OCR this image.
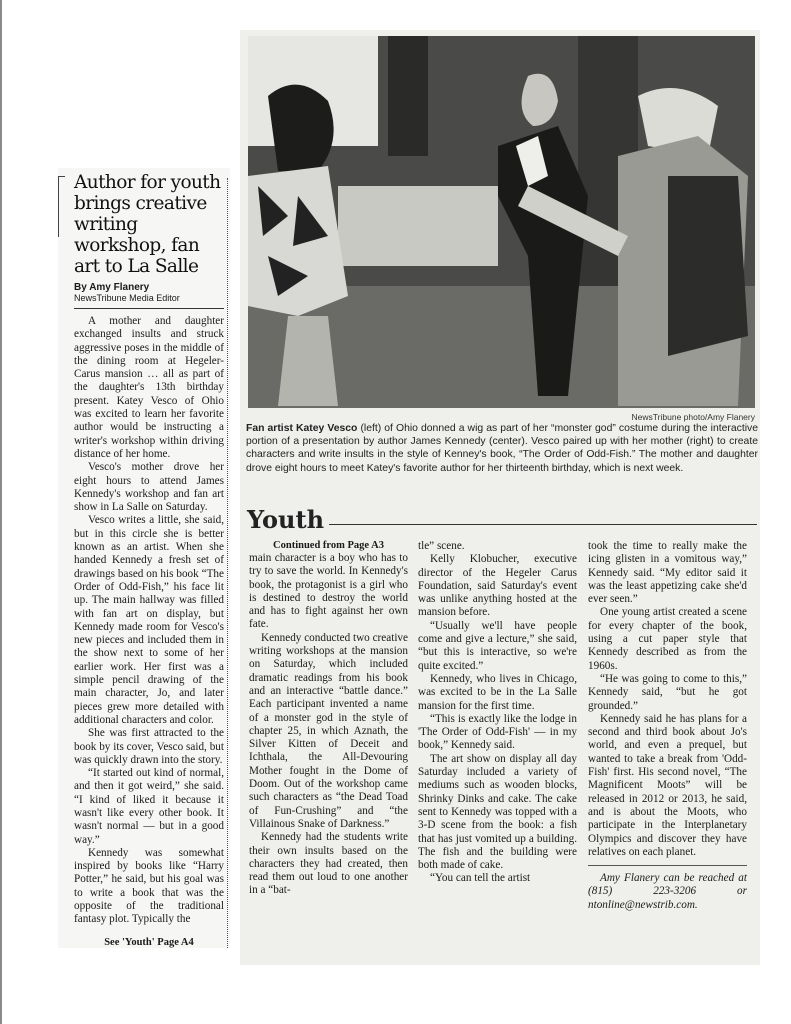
Author for youth brings creative writing workshop, fan art to La Salle
By Amy Flanery
NewsTribune Media Editor

A mother and daughter exchanged insults and struck aggressive poses in the middle of the dining room at Hegeler-Carus mansion … all as part of the daughter's 13th birthday present. Katey Vesco of Ohio was excited to learn her favorite author would be instructing a writer's workshop within driving distance of her home.

Vesco's mother drove her eight hours to attend James Kennedy's workshop and fan art show in La Salle on Saturday.

Vesco writes a little, she said, but in this circle she is better known as an artist. When she handed Kennedy a fresh set of drawings based on his book “The Order of Odd-Fish,” his face lit up. The main hallway was filled with fan art on display, but Kennedy made room for Vesco's new pieces and included them in the show next to some of her earlier work. Her first was a simple pencil drawing of the main character, Jo, and later pieces grew more detailed with additional characters and color.

She was first attracted to the book by its cover, Vesco said, but was quickly drawn into the story.

“It started out kind of normal, and then it got weird,” she said. “I kind of liked it because it wasn't like every other book. It wasn't normal — but in a good way.”

Kennedy was somewhat inspired by books like “Harry Potter,” he said, but his goal was to write a book that was the opposite of the traditional fantasy plot. Typically the

See 'Youth' Page A4
NewsTribune photo/Amy Flanery
Fan artist Katey Vesco (left) of Ohio donned a wig as part of her “monster god” costume during the interactive portion of a presentation by author James Kennedy (center). Vesco paired up with her mother (right) to create characters and write insults in the style of Kenney's book, “The Order of Odd-Fish.” The mother and daughter drove eight hours to meet Katey's favorite author for her thirteenth birthday, which is next week.
Youth
Continued from Page A3

main character is a boy who has to try to save the world. In Kennedy's book, the protagonist is a girl who is destined to destroy the world and has to fight against her own fate.

Kennedy conducted two creative writing workshops at the mansion on Saturday, which included dramatic readings from his book and an interactive “battle dance.” Each participant invented a name of a monster god in the style of chapter 25, in which Aznath, the Silver Kitten of Deceit and Ichthala, the All-Devouring Mother fought in the Dome of Doom. Out of the workshop came such characters as “the Dead Toad of Fun-Crushing” and “the Villainous Snake of Darkness.”

Kennedy had the students write their own insults based on the characters they had created, then read them out loud to one another in a “bat-

tle” scene.

Kelly Klobucher, executive director of the Hegeler Carus Foundation, said Saturday's event was unlike anything hosted at the mansion before.

“Usually we'll have people come and give a lecture,” she said, “but this is interactive, so we're quite excited.”

Kennedy, who lives in Chicago, was excited to be in the La Salle mansion for the first time.

“This is exactly like the lodge in 'The Order of Odd-Fish' — in my book,” Kennedy said.

The art show on display all day Saturday included a variety of mediums such as wooden blocks, Shrinky Dinks and cake. The cake sent to Kennedy was topped with a 3-D scene from the book: a fish that has just vomited up a building. The fish and the building were both made of cake.

“You can tell the artist

took the time to really make the icing glisten in a vomitous way,” Kennedy said. “My editor said it was the least appetizing cake she'd ever seen.”

One young artist created a scene for every chapter of the book, using a cut paper style that Kennedy described as from the 1960s.

“He was going to come to this,” Kennedy said, “but he got grounded.”

Kennedy said he has plans for a second and third book about Jo's world, and even a prequel, but wanted to take a break from 'Odd-Fish' first. His second novel, “The Magnificent Moots” will be released in 2012 or 2013, he said, and is about the Moots, who participate in the Interplanetary Olympics and discover they have relatives on each planet.

Amy Flanery can be reached at (815) 223-3206 or ntonline@newstrib.com.
